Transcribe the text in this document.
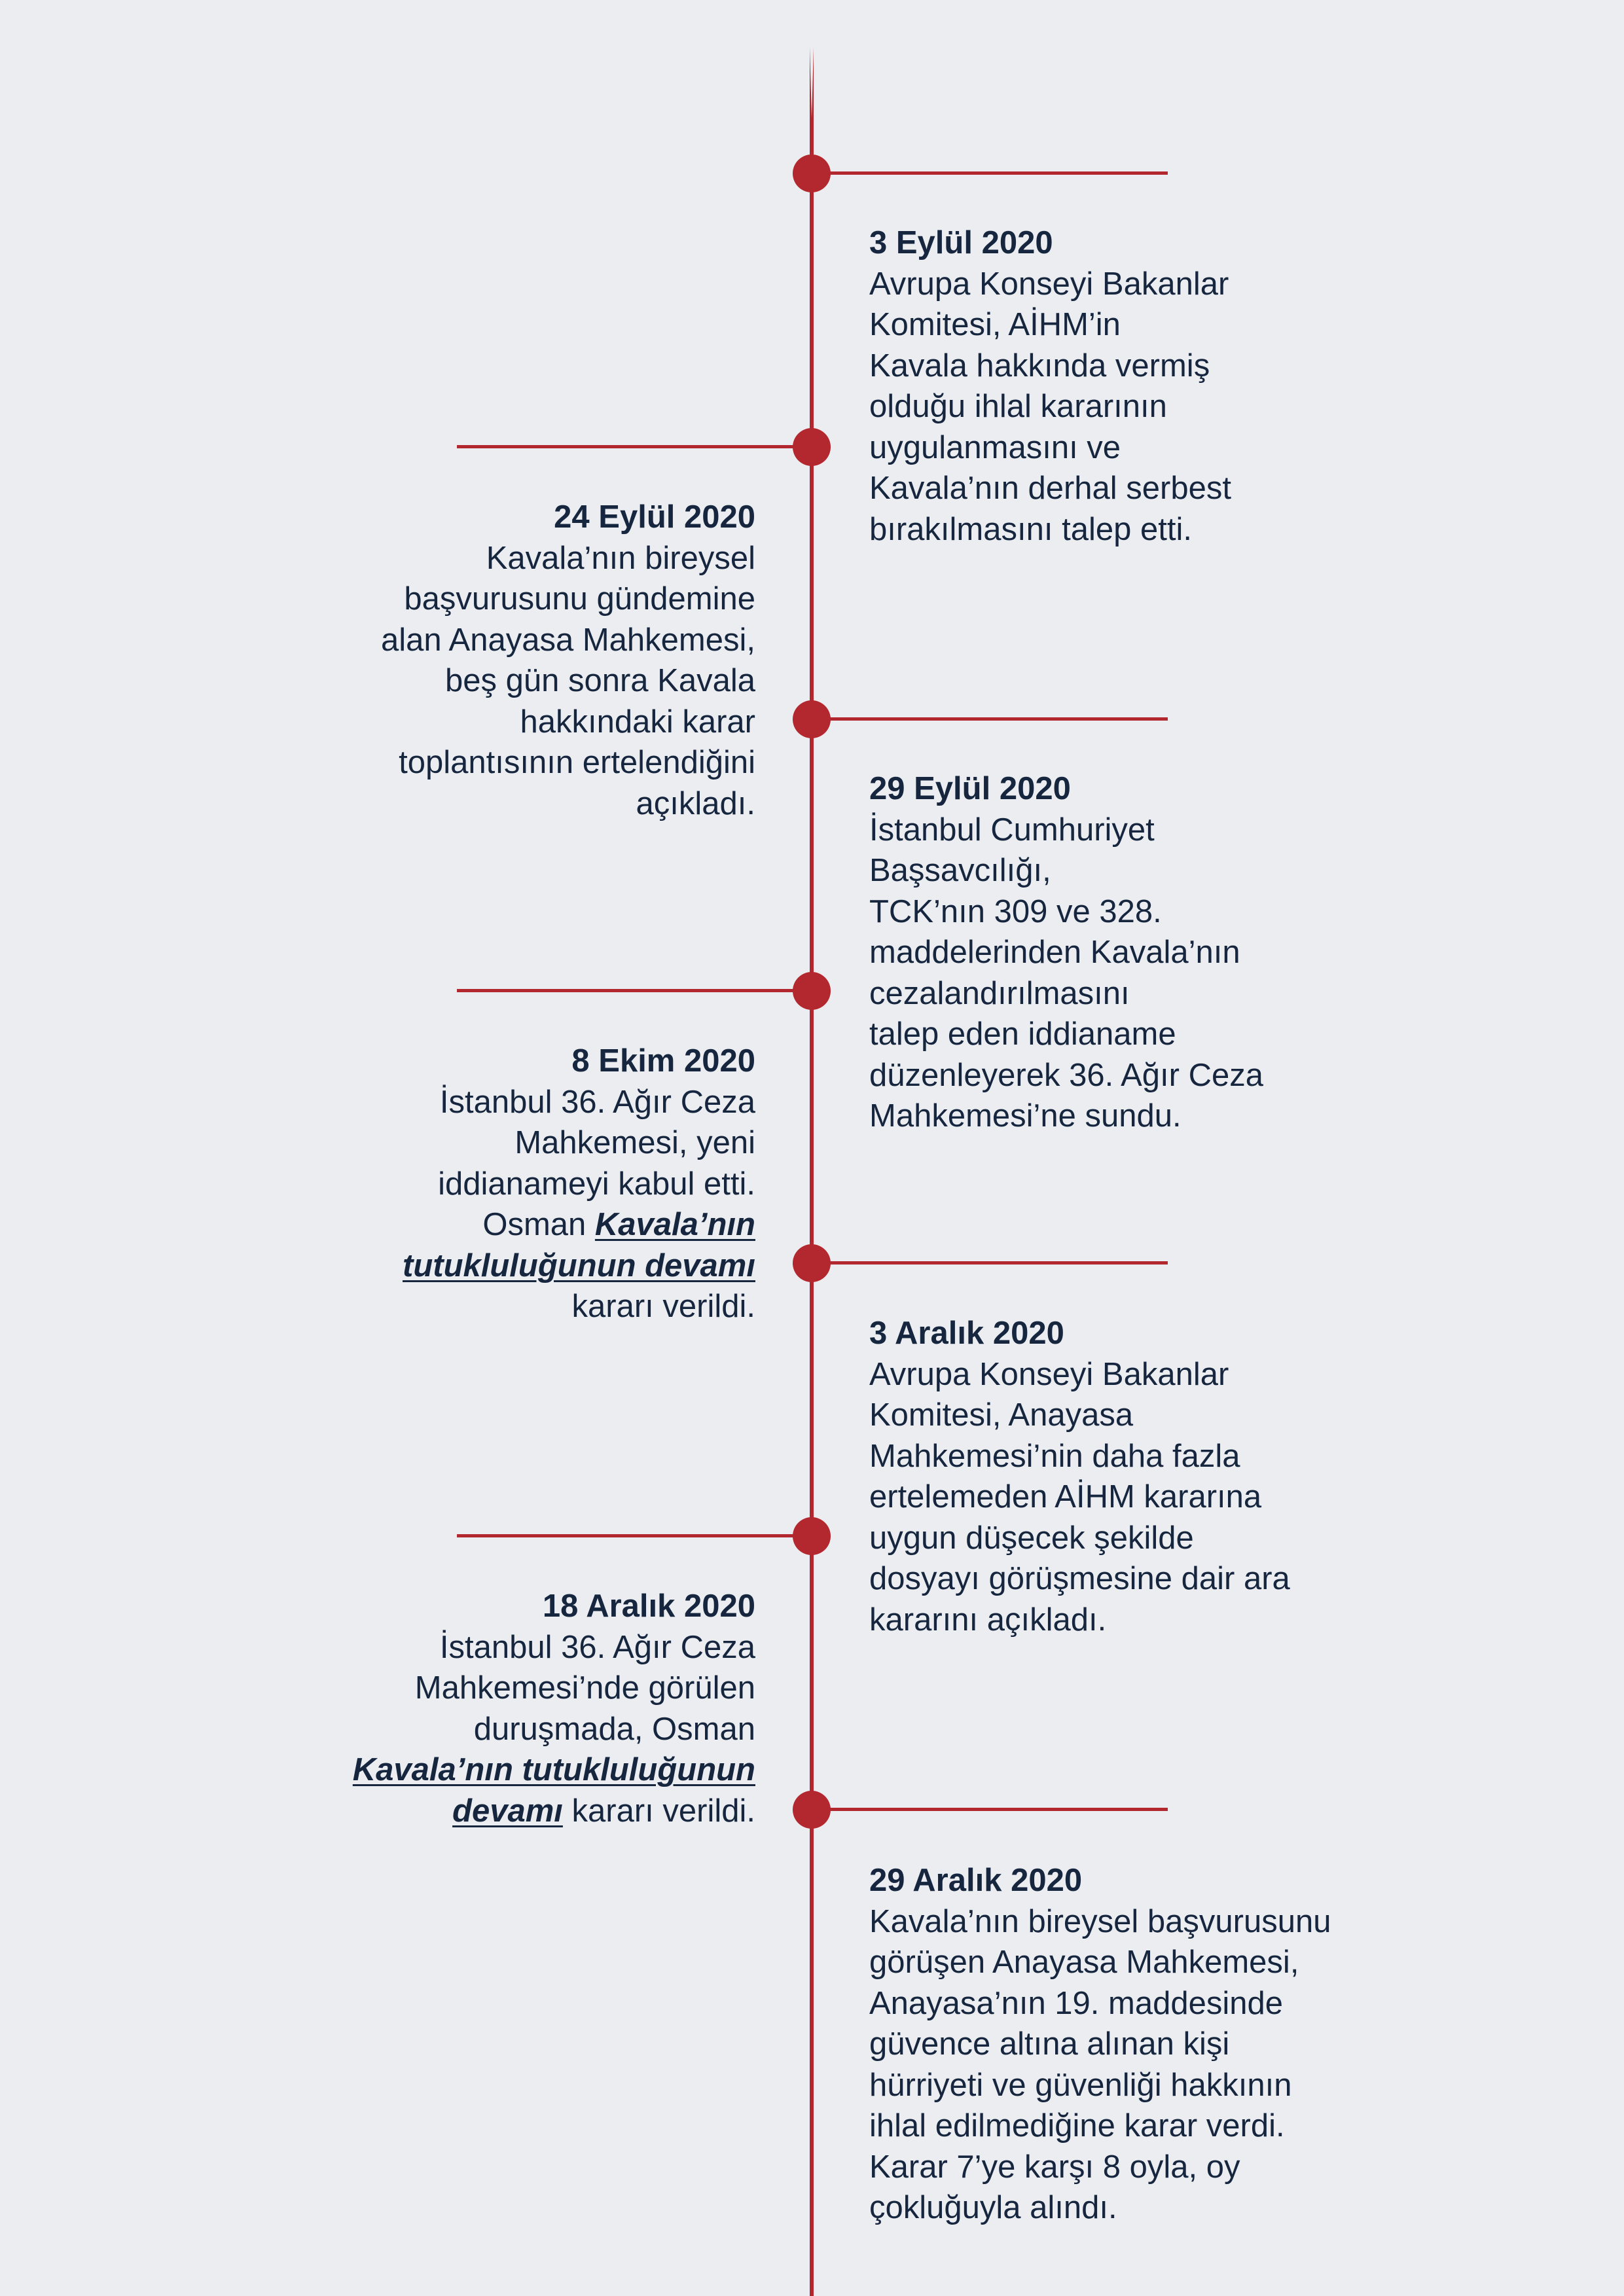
3 Eylül 2020
Avrupa Konseyi Bakanlar
Komitesi, AİHM’in
Kavala hakkında vermiş
olduğu ihlal kararının
uygulanmasını ve
Kavala’nın derhal serbest
bırakılmasını talep etti.
24 Eylül 2020
Kavala’nın bireysel
başvurusunu gündemine
alan Anayasa Mahkemesi,
beş gün sonra Kavala
hakkındaki karar
toplantısının ertelendiğini
açıkladı.	29 Eylül 2020
İstanbul Cumhuriyet
Başsavcılığı,
TCK’nın 309 ve 328.
maddelerinden Kavala’nın
cezalandırılmasını
talep eden iddianame
düzenleyerek 36. Ağır Ceza
Mahkemesi’ne sundu.
8 Ekim 2020
İstanbul 36. Ağır Ceza
Mahkemesi, yeni
iddianameyi kabul etti.
Osman Kavala’nın
tutukluluğunun devamı
kararı verildi.
3 Aralık 2020
Avrupa Konseyi Bakanlar
Komitesi, Anayasa
Mahkemesi’nin daha fazla
ertelemeden AİHM kararına
uygun düşecek şekilde
dosyayı görüşmesine dair ara
kararını açıkladı.
18 Aralık 2020
İstanbul 36. Ağır Ceza
Mahkemesi’nde görülen
duruşmada, Osman
Kavala’nın tutukluluğunun
devamı kararı verildi.
29 Aralık 2020
Kavala’nın bireysel başvurusunu
görüşen Anayasa Mahkemesi,
Anayasa’nın 19. maddesinde
güvence altına alınan kişi
hürriyeti ve güvenliği hakkının
ihlal edilmediğine karar verdi.
Karar 7’ye karşı 8 oyla, oy
çokluğuyla alındı.
